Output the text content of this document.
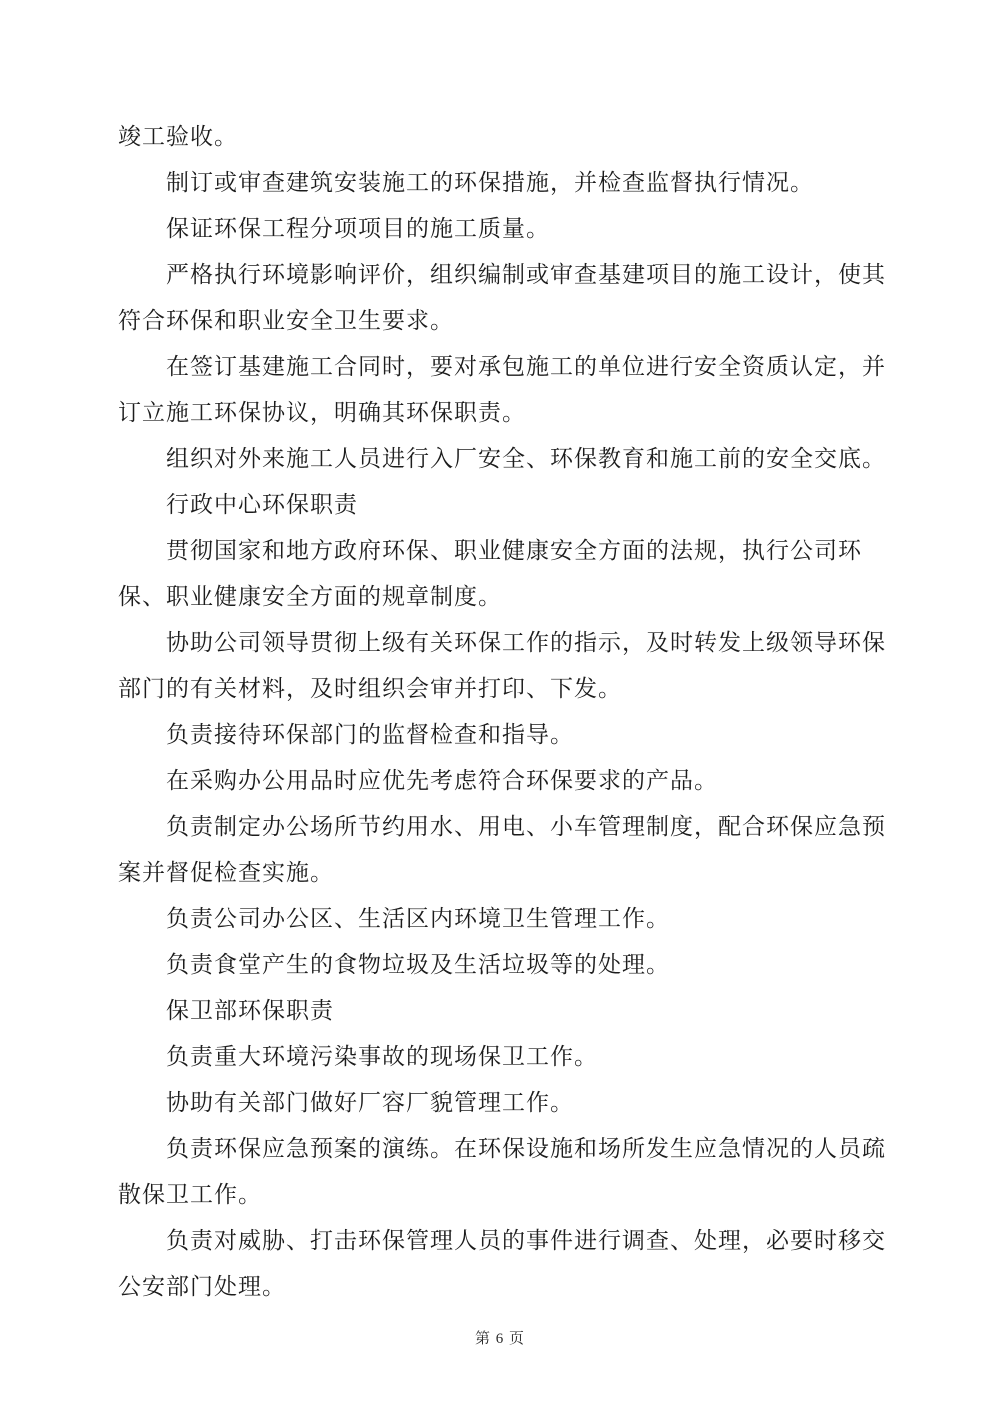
竣工验收。
制订或审查建筑安装施工的环保措施，并检查监督执行情况。
保证环保工程分项项目的施工质量。
严格执行环境影响评价，组织编制或审查基建项目的施工设计，使其
符合环保和职业安全卫生要求。
在签订基建施工合同时，要对承包施工的单位进行安全资质认定，并
订立施工环保协议，明确其环保职责。
组织对外来施工人员进行入厂安全、环保教育和施工前的安全交底。
行政中心环保职责
贯彻国家和地方政府环保、职业健康安全方面的法规，执行公司环
保、职业健康安全方面的规章制度。
协助公司领导贯彻上级有关环保工作的指示，及时转发上级领导环保
部门的有关材料，及时组织会审并打印、下发。
负责接待环保部门的监督检查和指导。
在采购办公用品时应优先考虑符合环保要求的产品。
负责制定办公场所节约用水、用电、小车管理制度，配合环保应急预
案并督促检查实施。
负责公司办公区、生活区内环境卫生管理工作。
负责食堂产生的食物垃圾及生活垃圾等的处理。
保卫部环保职责
负责重大环境污染事故的现场保卫工作。
协助有关部门做好厂容厂貌管理工作。
负责环保应急预案的演练。在环保设施和场所发生应急情况的人员疏
散保卫工作。
负责对威胁、打击环保管理人员的事件进行调查、处理，必要时移交
公安部门处理。
第 6 页
